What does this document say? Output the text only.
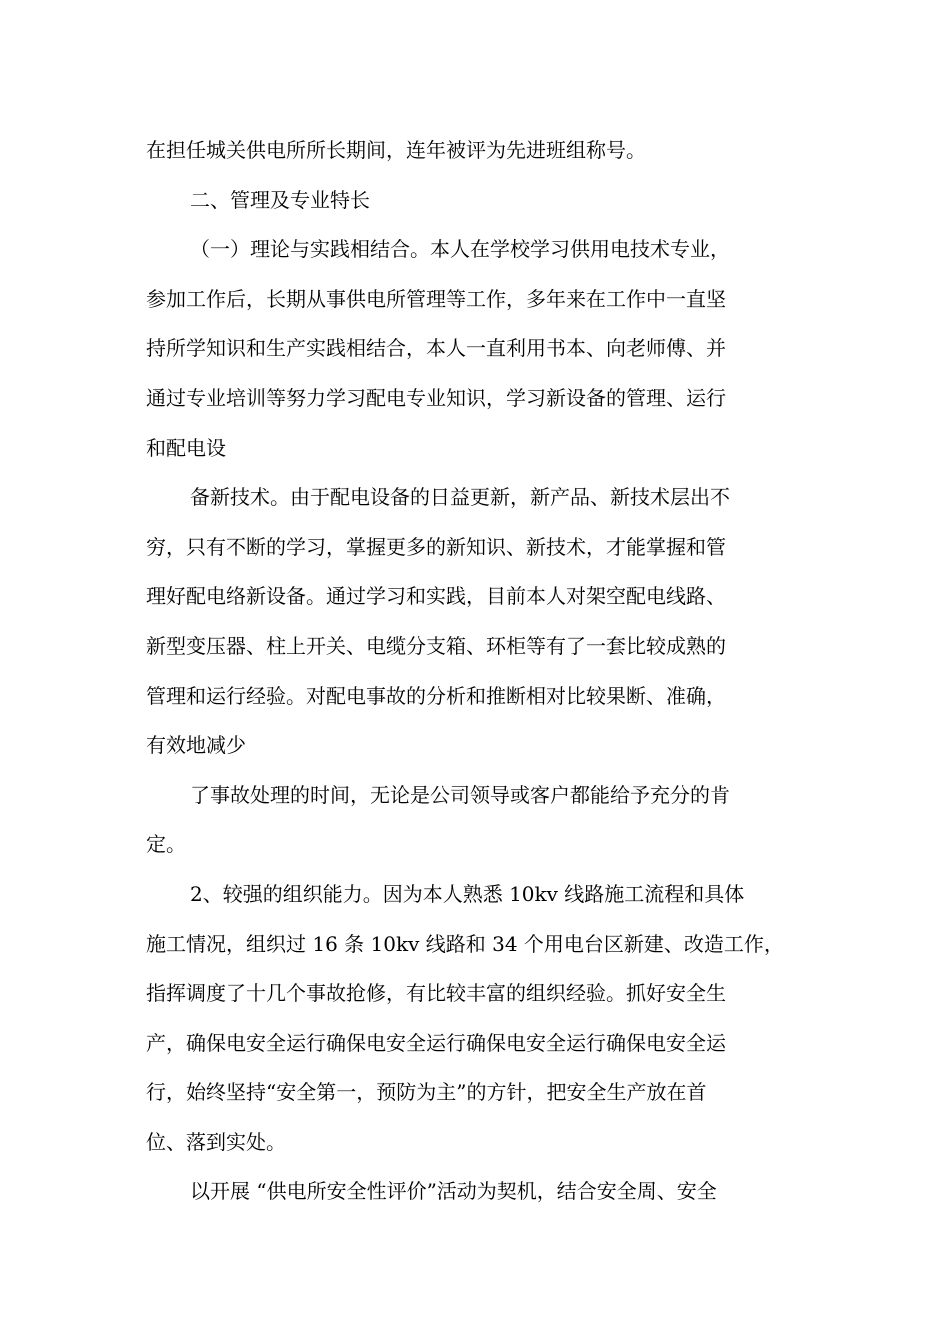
在担任城关供电所所长期间，连年被评为先进班组称号。
二、管理及专业特长
（一）理论与实践相结合。本人在学校学习供用电技术专业，
参加工作后，长期从事供电所管理等工作，多年来在工作中一直坚
持所学知识和生产实践相结合，本人一直利用书本、向老师傅、并
通过专业培训等努力学习配电专业知识，学习新设备的管理、运行
和配电设
备新技术。由于配电设备的日益更新，新产品、新技术层出不
穷，只有不断的学习，掌握更多的新知识、新技术，才能掌握和管
理好配电络新设备。通过学习和实践，目前本人对架空配电线路、
新型变压器、柱上开关、电缆分支箱、环柜等有了一套比较成熟的
管理和运行经验。对配电事故的分析和推断相对比较果断、准确，
有效地减少
了事故处理的时间，无论是公司领导或客户都能给予充分的肯
定。
2、较强的组织能力。因为本人熟悉 10kv 线路施工流程和具体
施工情况，组织过 16 条 10kv 线路和 34 个用电台区新建、改造工作，
指挥调度了十几个事故抢修，有比较丰富的组织经验。抓好安全生
产，确保电安全运行确保电安全运行确保电安全运行确保电安全运
行，始终坚持“安全第一，预防为主”的方针，把安全生产放在首
位、落到实处。
以开展 “供电所安全性评价”活动为契机，结合安全周、安全
